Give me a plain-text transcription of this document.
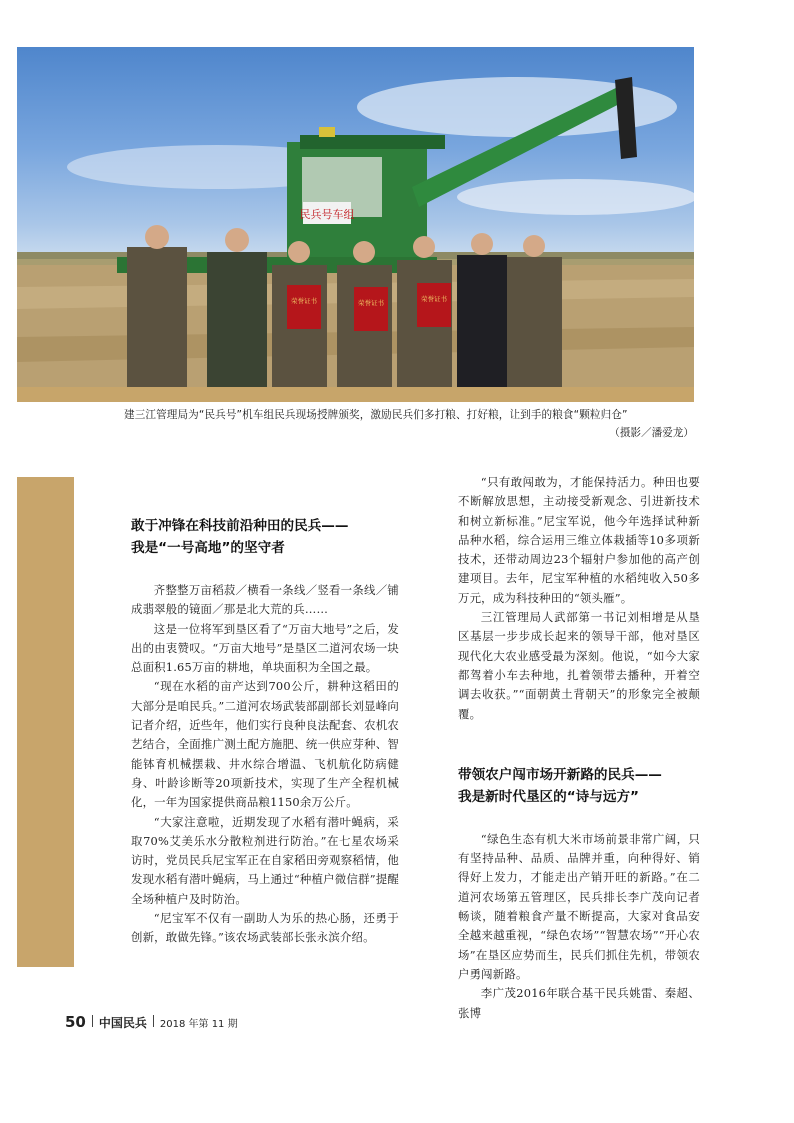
民兵号车组
荣誉证书	荣誉证书	荣誉证书
建三江管理局为“民兵号”机车组民兵现场授牌颁奖，激励民兵们多打粮、打好粮，让到手的粮食“颗粒归仓”
（摄影／潘爱龙）
敢于冲锋在科技前沿种田的民兵——
我是“一号高地”的坚守者

齐整整万亩稻菽／横看一条线／竖看一条线／铺成翡翠般的镜面／那是北大荒的兵……

这是一位将军到垦区看了“万亩大地号”之后，发出的由衷赞叹。“万亩大地号”是垦区二道河农场一块总面积1.65万亩的耕地，单块面积为全国之最。

“现在水稻的亩产达到700公斤，耕种这稻田的大部分是咱民兵。”二道河农场武装部副部长刘显峰向记者介绍，近些年，他们实行良种良法配套、农机农艺结合，全面推广测土配方施肥、统一供应芽种、智能钵育机械摆栽、井水综合增温、飞机航化防病健身、叶龄诊断等20项新技术，实现了生产全程机械化，一年为国家提供商品粮1150余万公斤。

“大家注意啦，近期发现了水稻有潜叶蝇病，采取70%艾美乐水分散粒剂进行防治。”在七星农场采访时，党员民兵尼宝军正在自家稻田旁观察稻情，他发现水稻有潜叶蝇病，马上通过“种植户微信群”提醒全场种植户及时防治。

“尼宝军不仅有一副助人为乐的热心肠，还勇于创新，敢做先锋。”该农场武装部长张永滨介绍。

“只有敢闯敢为，才能保持活力。种田也要不断解放思想，主动接受新观念、引进新技术和树立新标准。”尼宝军说，他今年选择试种新品种水稻，综合运用三维立体栽插等10多项新技术，还带动周边23个辐射户参加他的高产创建项目。去年，尼宝军种植的水稻纯收入50多万元，成为科技种田的“领头雁”。

三江管理局人武部第一书记刘相增是从垦区基层一步步成长起来的领导干部，他对垦区现代化大农业感受最为深刻。他说，“如今大家都驾着小车去种地，扎着领带去播种，开着空调去收获。”“面朝黄土背朝天”的形象完全被颠覆。

带领农户闯市场开新路的民兵——
我是新时代垦区的“诗与远方”

“绿色生态有机大米市场前景非常广阔，只有坚持品种、品质、品牌并重，向种得好、销得好上发力，才能走出产销开旺的新路。”在二道河农场第五管理区，民兵排长李广茂向记者畅谈，随着粮食产量不断提高，大家对食品安全越来越重视，“绿色农场”“智慧农场”“开心农场”在垦区应势而生，民兵们抓住先机，带领农户勇闯新路。

李广茂2016年联合基干民兵姚雷、秦超、张博

50 中国民兵 2018 年第 11 期
